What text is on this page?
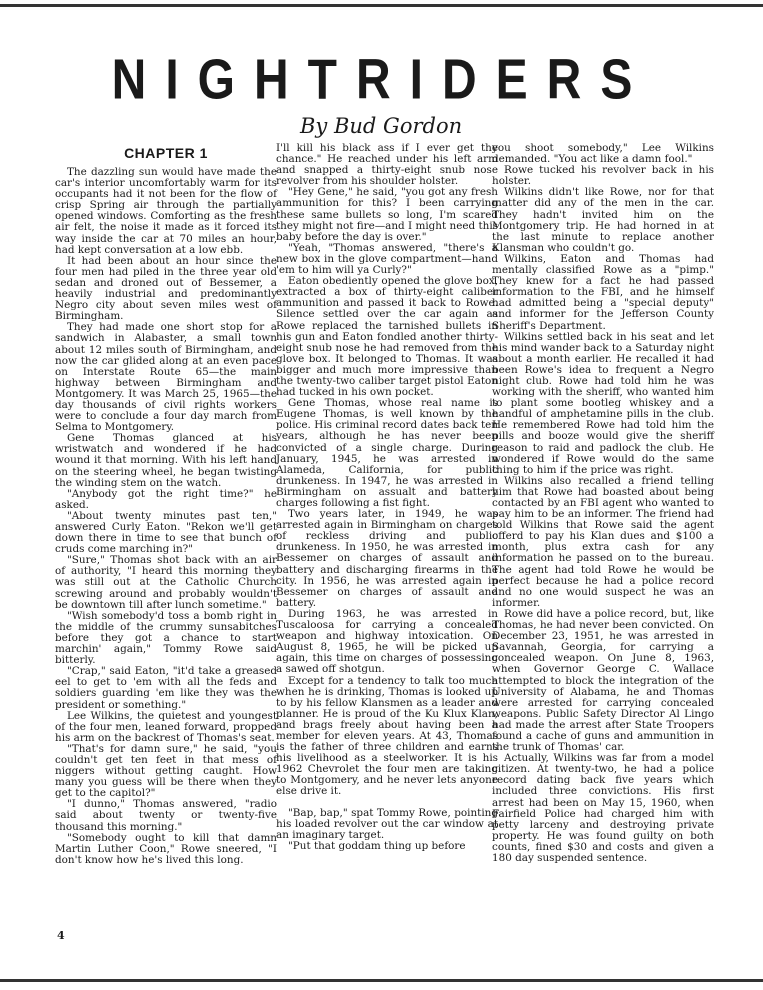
NIGHTRIDERS
By Bud Gordon
CHAPTER 1

The dazzling sun would have made the car's interior uncomfortably warm for its occupants had it not been for the flow of crisp Spring air through the partially opened windows. Comforting as the fresh air felt, the noise it made as it forced its way inside the car at 70 miles an hour, had kept conversation at a low ebb.

It had been about an hour since the four men had piled in the three year old sedan and droned out of Bessemer, a heavily industrial and predominantly Negro city about seven miles west of Birmingham.

They had made one short stop for a sandwich in Alabaster, a small town about 12 miles south of Birmingham, and now the car glided along at an even pace on Interstate Route 65—the main highway between Birmingham and Montgomery. It was March 25, 1965—the day thousands of civil rights workers were to conclude a four day march from Selma to Montgomery.

Gene Thomas glanced at his wristwatch and wondered if he had wound it that morning. With his left hand on the steering wheel, he began twisting the winding stem on the watch.

"Anybody got the right time?" he asked.

"About twenty minutes past ten," answered Curly Eaton. "Rekon we'll get down there in time to see that bunch of cruds come marching in?"

"Sure," Thomas shot back with an air of authority, "I heard this morning they was still out at the Catholic Church screwing around and probably wouldn't be downtown till after lunch sometime."

"Wish somebody'd toss a bomb right in the middle of the crummy sunsabitches before they got a chance to start marchin' again," Tommy Rowe said bitterly.

"Crap," said Eaton, "it'd take a greased eel to get to 'em with all the feds and soldiers guarding 'em like they was the president or something."

Lee Wilkins, the quietest and youngest of the four men, leaned forward, propped his arm on the backrest of Thomas's seat.

"That's for damn sure," he said, "you couldn't get ten feet in that mess of niggers without getting caught. How many you guess will be there when they get to the capitol?"

"I dunno," Thomas answered, "radio said about twenty or twenty-five thousand this morning."

"Somebody ought to kill that damn Martin Luther Coon," Rowe sneered, "I don't know how he's lived this long.

I'll kill his black ass if I ever get the chance." He reached under his left arm and snapped a thirty-eight snub nose revolver from his shoulder holster.

"Hey Gene," he said, "you got any fresh ammunition for this? I been carrying these same bullets so long, I'm scared they might not fire—and I might need this baby before the day is over."

"Yeah, "Thomas answered, "there's a new box in the glove compartment—hand 'em to him will ya Curly?"

Eaton obediently opened the glove box, extracted a box of thirty-eight caliber ammunition and passed it back to Rowe. Silence settled over the car again as Rowe replaced the tarnished bullets in his gun and Eaton fondled another thirty-eight snub nose he had removed from the glove box. It belonged to Thomas. It was bigger and much more impressive than the twenty-two caliber target pistol Eaton had tucked in his own pocket.

Gene Thomas, whose real name is Eugene Thomas, is well known by the police. His criminal record dates back ten years, although he has never been convicted of a single charge. During January, 1945, he was arrested in Alameda, California, for public drunkeness. In 1947, he was arrested in Birmingham on assualt and battery charges following a fist fight.

Two years later, in 1949, he was arrested again in Birmingham on charges of reckless driving and public drunkeness. In 1950, he was arrested in Bessemer on charges of assault and battery and discharging firearms in the city. In 1956, he was arrested again in Bessemer on charges of assault and battery.

During 1963, he was arrested in Tuscaloosa for carrying a concealed weapon and highway intoxication. On August 8, 1965, he will be picked up again, this time on charges of possessing a sawed off shotgun.

Except for a tendency to talk too much when he is drinking, Thomas is looked up to by his fellow Klansmen as a leader and planner. He is proud of the Ku Klux Klan, and brags freely about having been a member for eleven years. At 43, Thomas is the father of three children and earns his livelihood as a steelworker. It is his 1962 Chevrolet the four men are taking to Montgomery, and he never lets anyone else drive it.

"Bap, bap," spat Tommy Rowe, pointing his loaded revolver out the car window at an imaginary target.

"Put that goddam thing up before

you shoot somebody," Lee Wilkins demanded. "You act like a damn fool."

Rowe tucked his revolver back in his holster.

Wilkins didn't like Rowe, nor for that matter did any of the men in the car. They hadn't invited him on the Montgomery trip. He had horned in at the last minute to replace another Klansman who couldn't go.

Wilkins, Eaton and Thomas had mentally classified Rowe as a "pimp." They knew for a fact he had passed information to the FBI, and he himself had admitted being a "special deputy" and informer for the Jefferson County Sheriff's Department.

Wilkins settled back in his seat and let his mind wander back to a Saturday night about a month earlier. He recalled it had been Rowe's idea to frequent a Negro night club. Rowe had told him he was working with the sheriff, who wanted him to plant some bootleg whiskey and a handful of amphetamine pills in the club. He remembered Rowe had told him the pills and booze would give the sheriff reason to raid and padlock the club. He wondered if Rowe would do the same thing to him if the price was right.

Wilkins also recalled a friend telling him that Rowe had boasted about being contacted by an FBI agent who wanted to pay him to be an informer. The friend had told Wilkins that Rowe said the agent offerd to pay his Klan dues and $100 a month, plus extra cash for any information he passed on to the bureau. The agent had told Rowe he would be perfect because he had a police record and no one would suspect he was an informer.

Rowe did have a police record, but, like Thomas, he had never been convicted. On December 23, 1951, he was arrested in Savannah, Georgia, for carrying a concealed weapon. On June 8, 1963, when Governor George C. Wallace attempted to block the integration of the University of Alabama, he and Thomas were arrested for carrying concealed weapons. Public Safety Director Al Lingo had made the arrest after State Troopers found a cache of guns and ammunition in the trunk of Thomas' car.

Actually, Wilkins was far from a model citizen. At twenty-two, he had a police record dating back five years which included three convictions. His first arrest had been on May 15, 1960, when Fairfield Police had charged him with petty larceny and destroying private property. He was found guilty on both counts, fined $30 and costs and given a 180 day suspended sentence.

4
